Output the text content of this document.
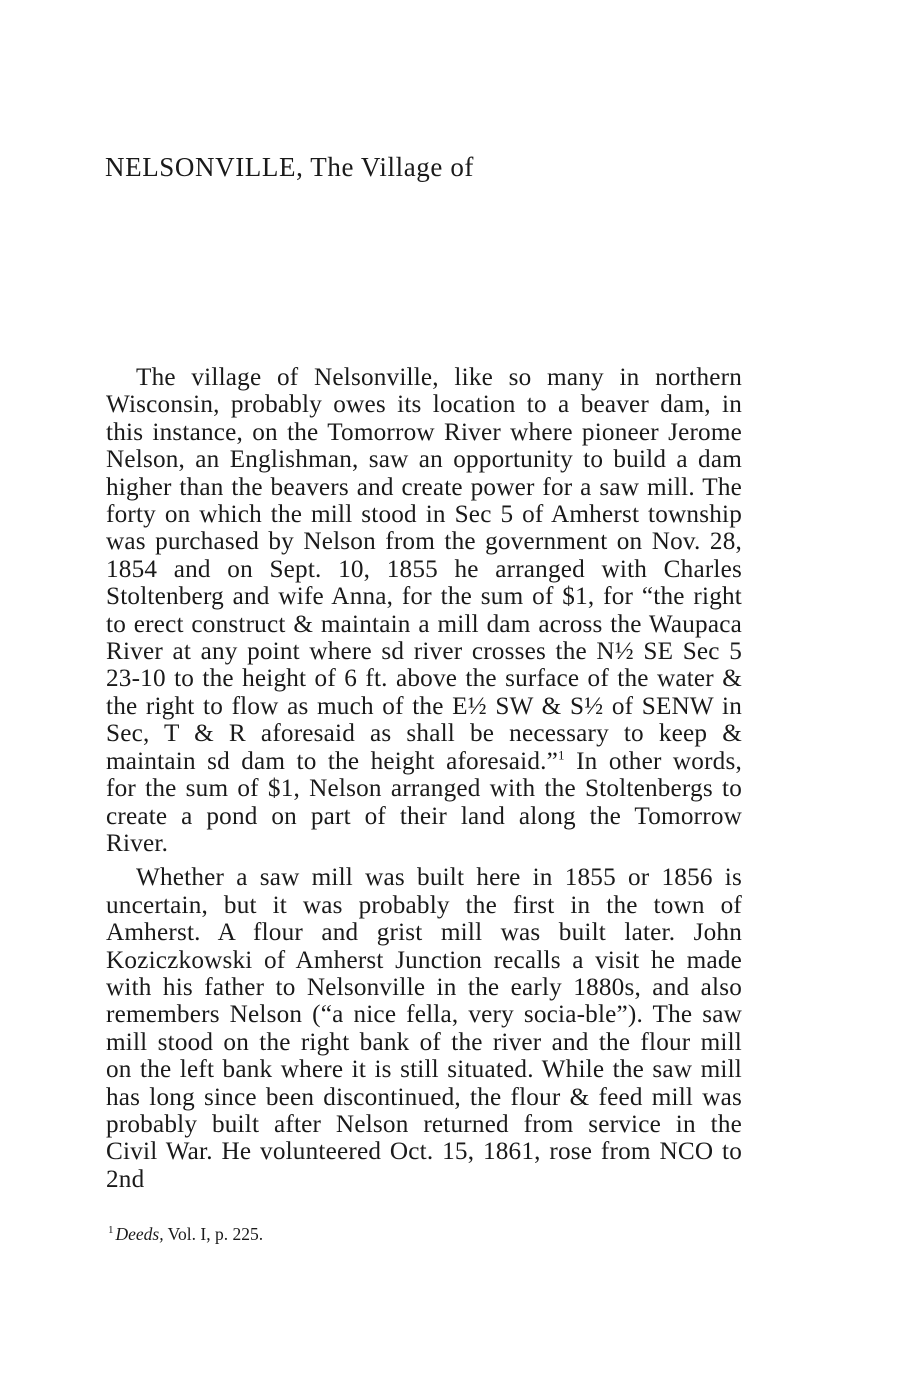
NELSONVILLE, The Village of

The village of Nelsonville, like so many in northern Wisconsin, probably owes its location to a beaver dam, in this instance, on the Tomorrow River where pioneer Jerome Nelson, an Englishman, saw an opportunity to build a dam higher than the beavers and create power for a saw mill. The forty on which the mill stood in Sec 5 of Amherst township was purchased by Nelson from the government on Nov. 28, 1854 and on Sept. 10, 1855 he arranged with Charles Stoltenberg and wife Anna, for the sum of $1, for “the right to erect construct & maintain a mill dam across the Waupaca River at any point where sd river crosses the N½ SE Sec 5 23-10 to the height of 6 ft. above the surface of the water & the right to flow as much of the E½ SW & S½ of SENW in Sec, T & R aforesaid as shall be necessary to keep & maintain sd dam to the height aforesaid.”$^1$ In other words, for the sum of $1, Nelson arranged with the Stoltenbergs to create a pond on part of their land along the Tomorrow River.

Whether a saw mill was built here in 1855 or 1856 is uncertain, but it was probably the first in the town of Amherst. A flour and grist mill was built later. John Koziczkowski of Amherst Junction recalls a visit he made with his father to Nelsonville in the early 1880s, and also remembers Nelson (“a nice fella, very socia-ble”). The saw mill stood on the right bank of the river and the flour mill on the left bank where it is still situated. While the saw mill has long since been discontinued, the flour & feed mill was probably built after Nelson returned from service in the Civil War. He volunteered Oct. 15, 1861, rose from NCO to 2nd

$^1$ Deeds, Vol. I, p. 225.
